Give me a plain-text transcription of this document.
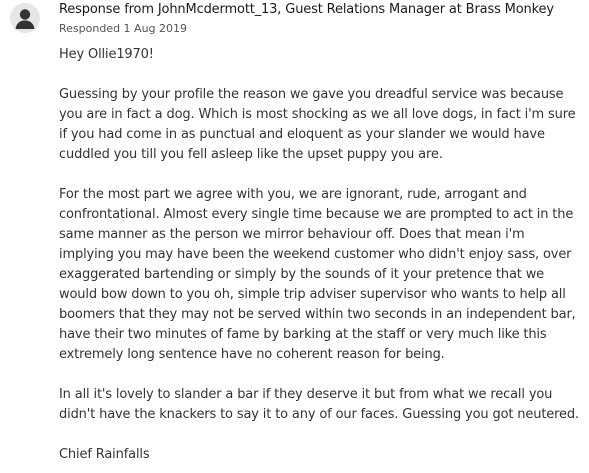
Response from JohnMcdermott_13, Guest Relations Manager at Brass Monkey
Responded 1 Aug 2019

Hey Ollie1970!

Guessing by your profile the reason we gave you dreadful service was because you are in fact a dog. Which is most shocking as we all love dogs, in fact i'm sure if you had come in as punctual and eloquent as your slander we would have cuddled you till you fell asleep like the upset puppy you are.

For the most part we agree with you, we are ignorant, rude, arrogant and confrontational. Almost every single time because we are prompted to act in the same manner as the person we mirror behaviour off. Does that mean i'm implying you may have been the weekend customer who didn't enjoy sass, over exaggerated bartending or simply by the sounds of it your pretence that we would bow down to you oh, simple trip adviser supervisor who wants to help all boomers that they may not be served within two seconds in an independent bar, have their two minutes of fame by barking at the staff or very much like this extremely long sentence have no coherent reason for being.

In all it's lovely to slander a bar if they deserve it but from what we recall you didn't have the knackers to say it to any of our faces. Guessing you got neutered.

Chief Rainfalls
